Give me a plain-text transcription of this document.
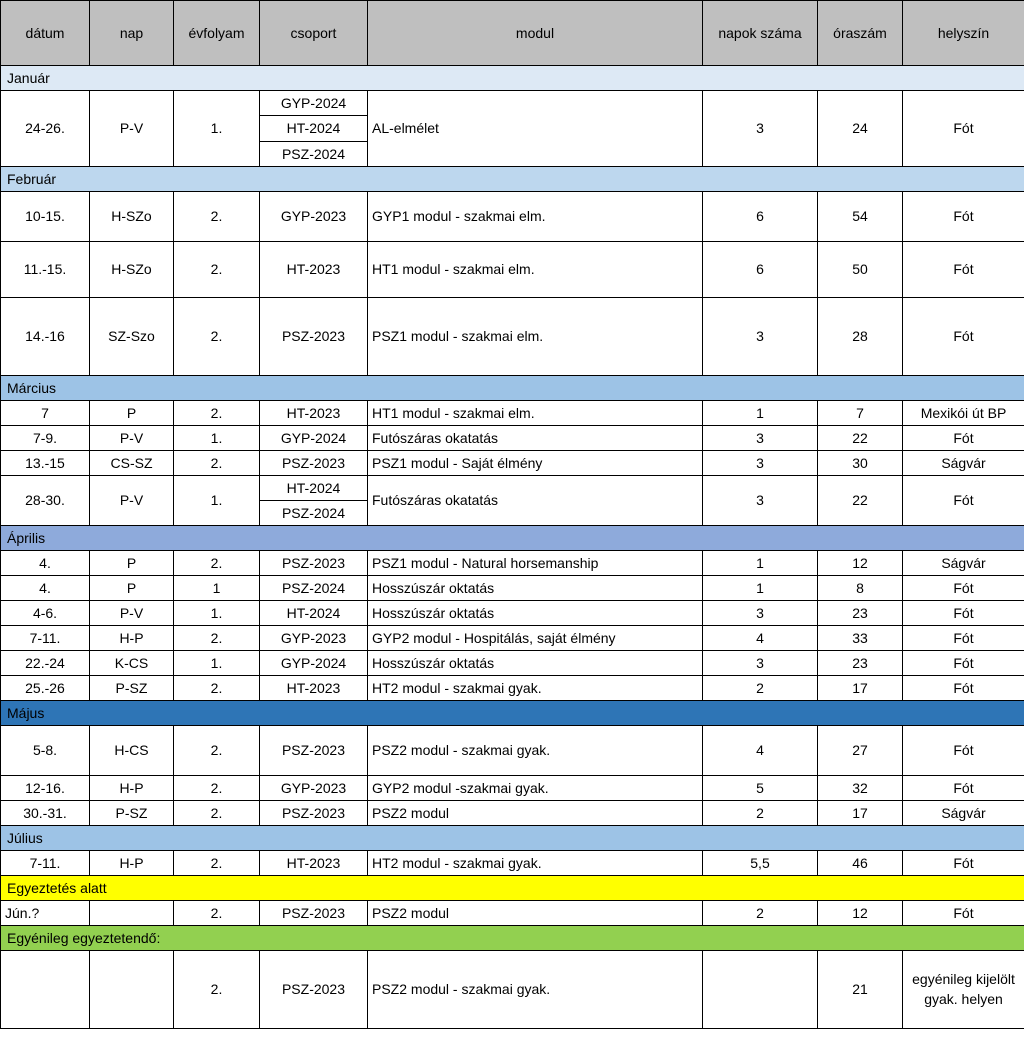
dátum	nap	évfolyam	csoport	modul	napok száma	óraszám	helyszín
Január							
24-26.	P-V	1.	GYP-2024	AL-elmélet	3	24	Fót
			HT-2024				
			PSZ-2024				
Február							
10-15.	H-SZo	2.	GYP-2023	GYP1 modul - szakmai elm.	6	54	Fót
11.-15.	H-SZo	2.	HT-2023	HT1 modul - szakmai elm.	6	50	Fót
14.-16	SZ-Szo	2.	PSZ-2023	PSZ1 modul - szakmai elm.	3	28	Fót
Március							
7	P	2.	HT-2023	HT1 modul - szakmai elm.	1	7	Mexikói út BP
7-9.	P-V	1.	GYP-2024	Futószáras okatatás	3	22	Fót
13.-15	CS-SZ	2.	PSZ-2023	PSZ1 modul - Saját élmény	3	30	Ságvár
28-30.	P-V	1.	HT-2024	Futószáras okatatás	3	22	Fót
			PSZ-2024				
Április							
4.	P	2.	PSZ-2023	PSZ1 modul - Natural horsemanship	1	12	Ságvár
4.	P	1	PSZ-2024	Hosszúszár oktatás	1	8	Fót
4-6.	P-V	1.	HT-2024	Hosszúszár oktatás	3	23	Fót
7-11.	H-P	2.	GYP-2023	GYP2 modul - Hospitálás, saját élmény	4	33	Fót
22.-24	K-CS	1.	GYP-2024	Hosszúszár oktatás	3	23	Fót
25.-26	P-SZ	2.	HT-2023	HT2 modul - szakmai gyak.	2	17	Fót
Május							
5-8.	H-CS	2.	PSZ-2023	PSZ2 modul - szakmai gyak.	4	27	Fót
12-16.	H-P	2.	GYP-2023	GYP2 modul -szakmai gyak.	5	32	Fót
30.-31.	P-SZ	2.	PSZ-2023	PSZ2 modul	2	17	Ságvár
Július							
7-11.	H-P	2.	HT-2023	HT2 modul - szakmai gyak.	5,5	46	Fót
Egyeztetés alatt							
Jún.?		2.	PSZ-2023	PSZ2 modul	2	12	Fót
Egyénileg egyeztetendő:							
		2.	PSZ-2023	PSZ2 modul - szakmai gyak.		21	egyénileg kijelölt gyak. helyen
